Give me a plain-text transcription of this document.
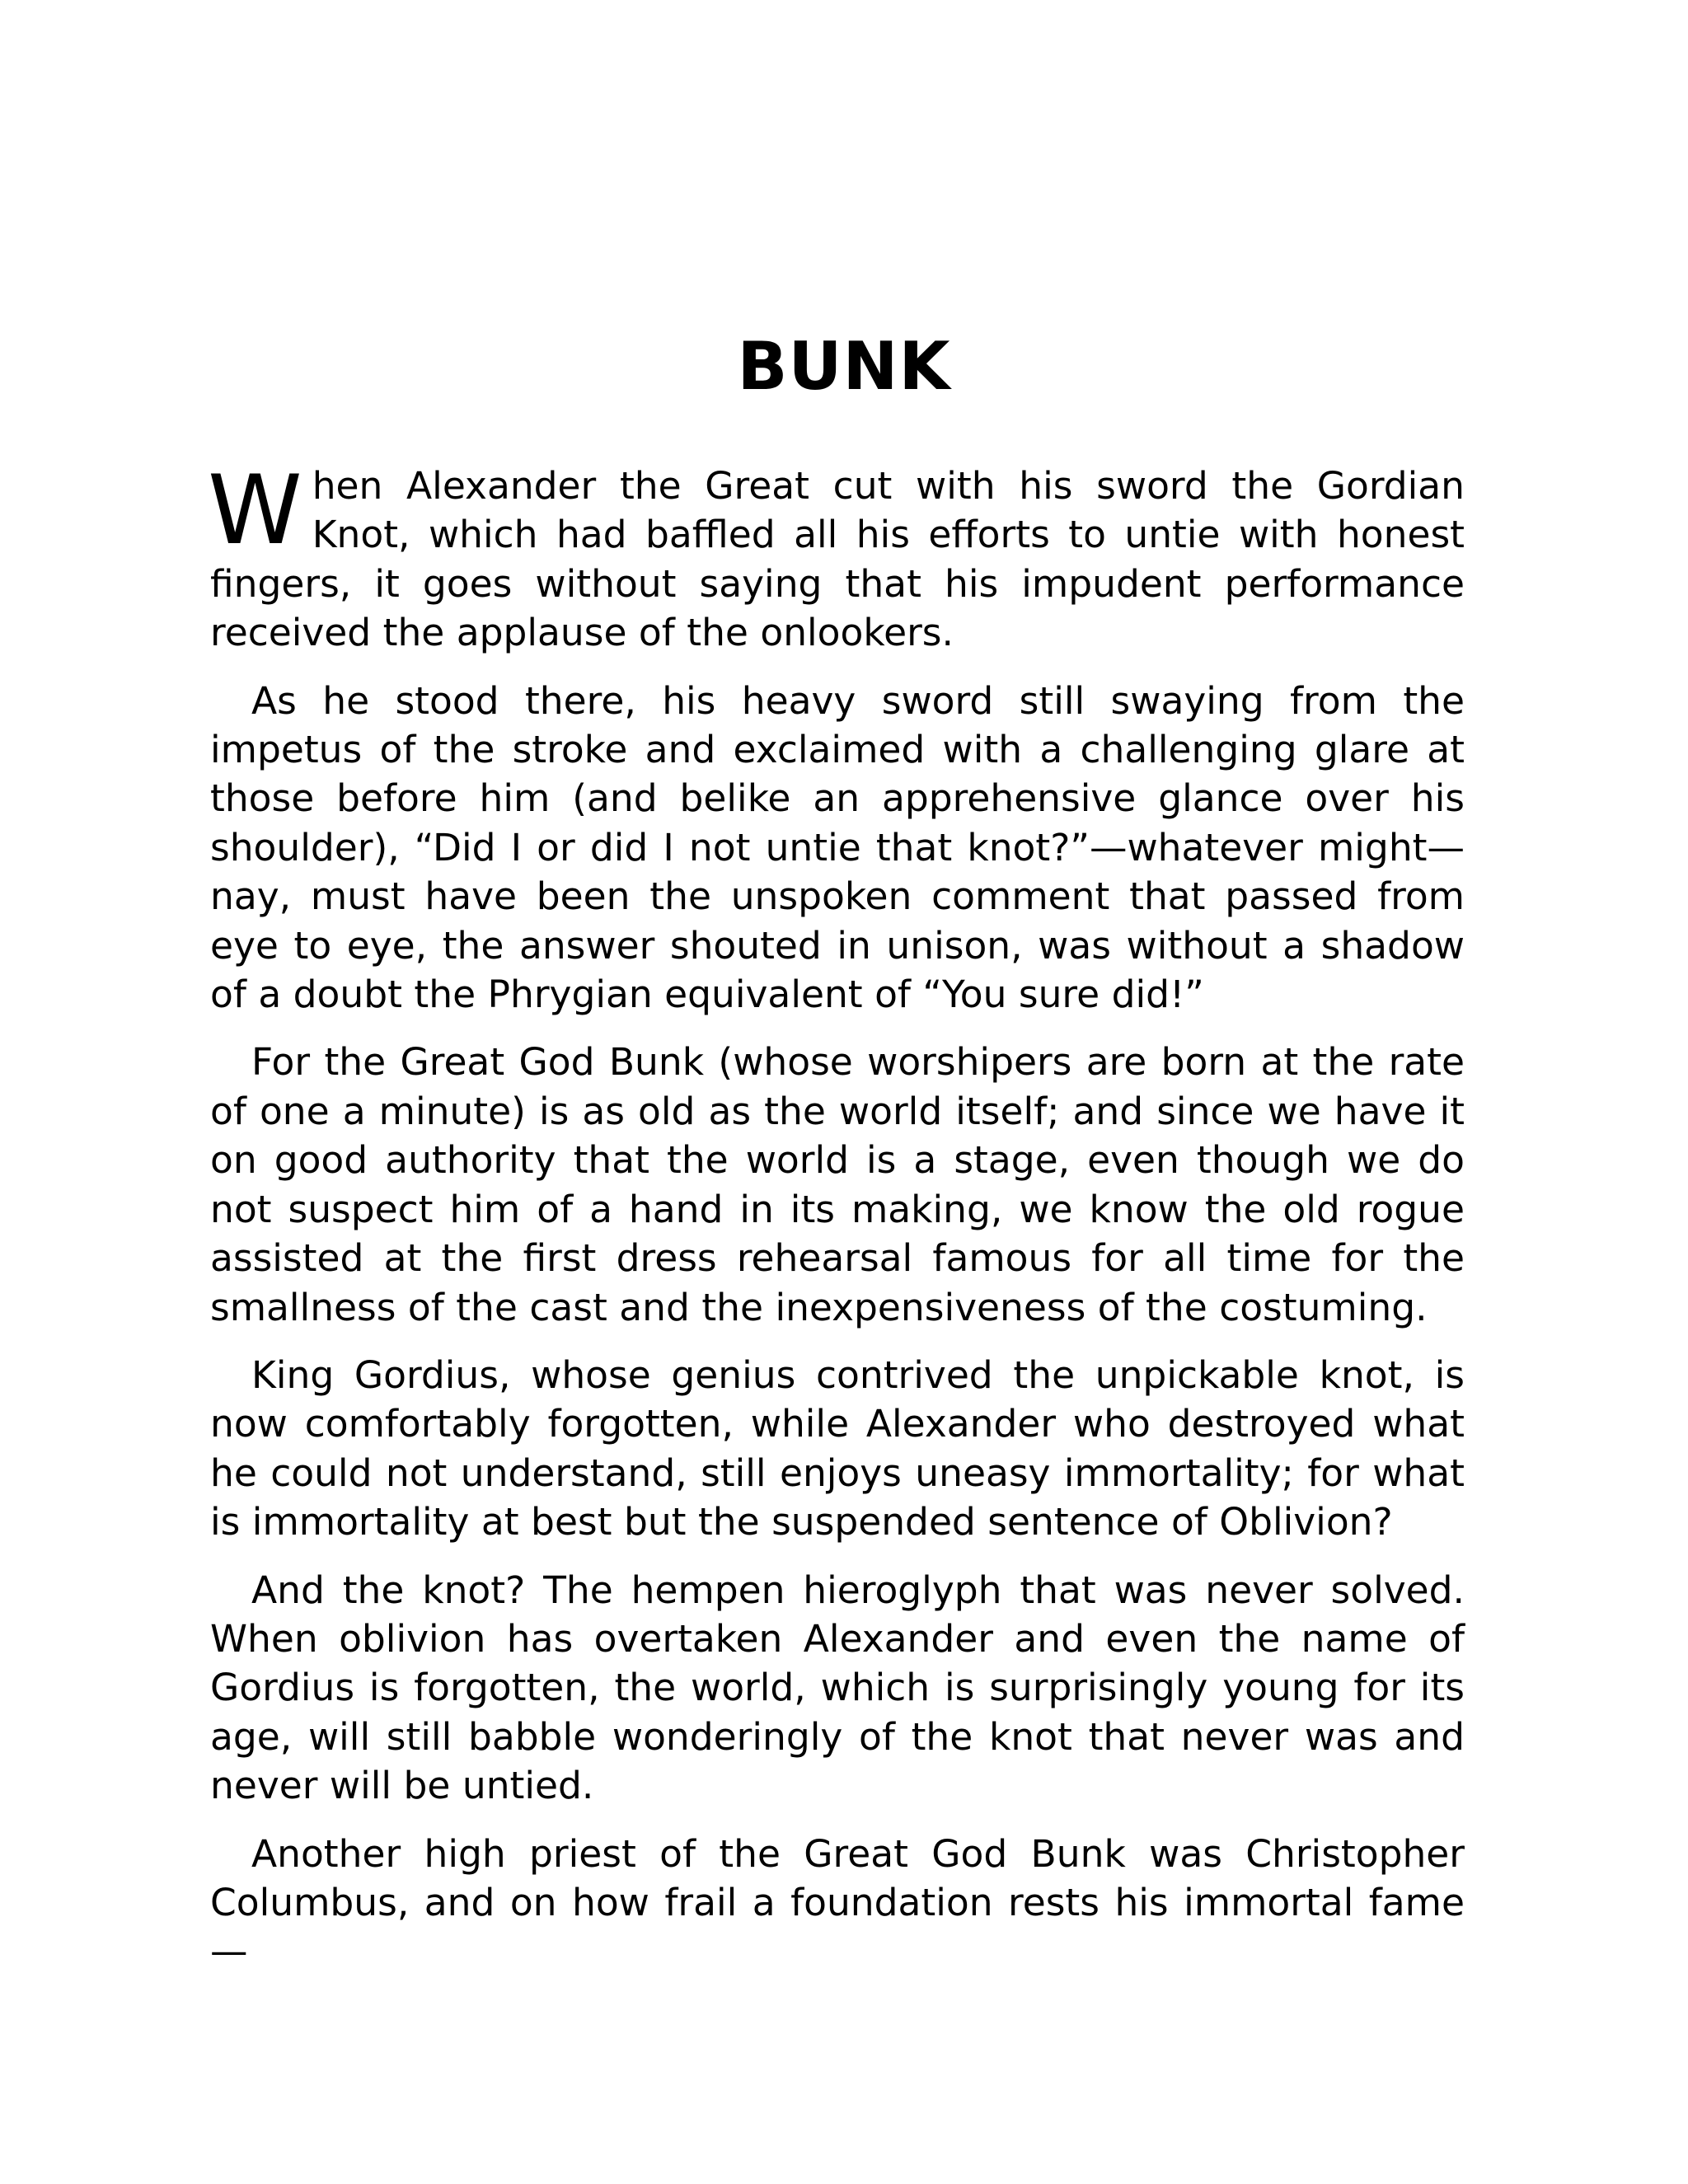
BUNK

When Alexander the Great cut with his sword the Gordian Knot, which had baffled all his efforts to untie with honest fingers, it goes without saying that his impudent performance received the applause of the onlookers.

As he stood there, his heavy sword still swaying from the impetus of the stroke and exclaimed with a challenging glare at those before him (and belike an apprehensive glance over his shoulder), “Did I or did I not untie that knot?”—whatever might—nay, must have been the unspoken comment that passed from eye to eye, the answer shouted in unison, was without a shadow of a doubt the Phrygian equivalent of “You sure did!”

For the Great God Bunk (whose worshipers are born at the rate of one a minute) is as old as the world itself; and since we have it on good authority that the world is a stage, even though we do not suspect him of a hand in its making, we know the old rogue assisted at the first dress rehearsal famous for all time for the smallness of the cast and the inexpensiveness of the costuming.

King Gordius, whose genius contrived the unpickable knot, is now comfortably forgotten, while Alexander who destroyed what he could not understand, still enjoys uneasy immortality; for what is immortality at best but the suspended sentence of Oblivion?

And the knot? The hempen hieroglyph that was never solved. When oblivion has overtaken Alexander and even the name of Gordius is forgotten, the world, which is surprisingly young for its age, will still babble wonderingly of the knot that never was and never will be untied.

Another high priest of the Great God Bunk was Christopher Columbus, and on how frail a foundation rests his immortal fame—
